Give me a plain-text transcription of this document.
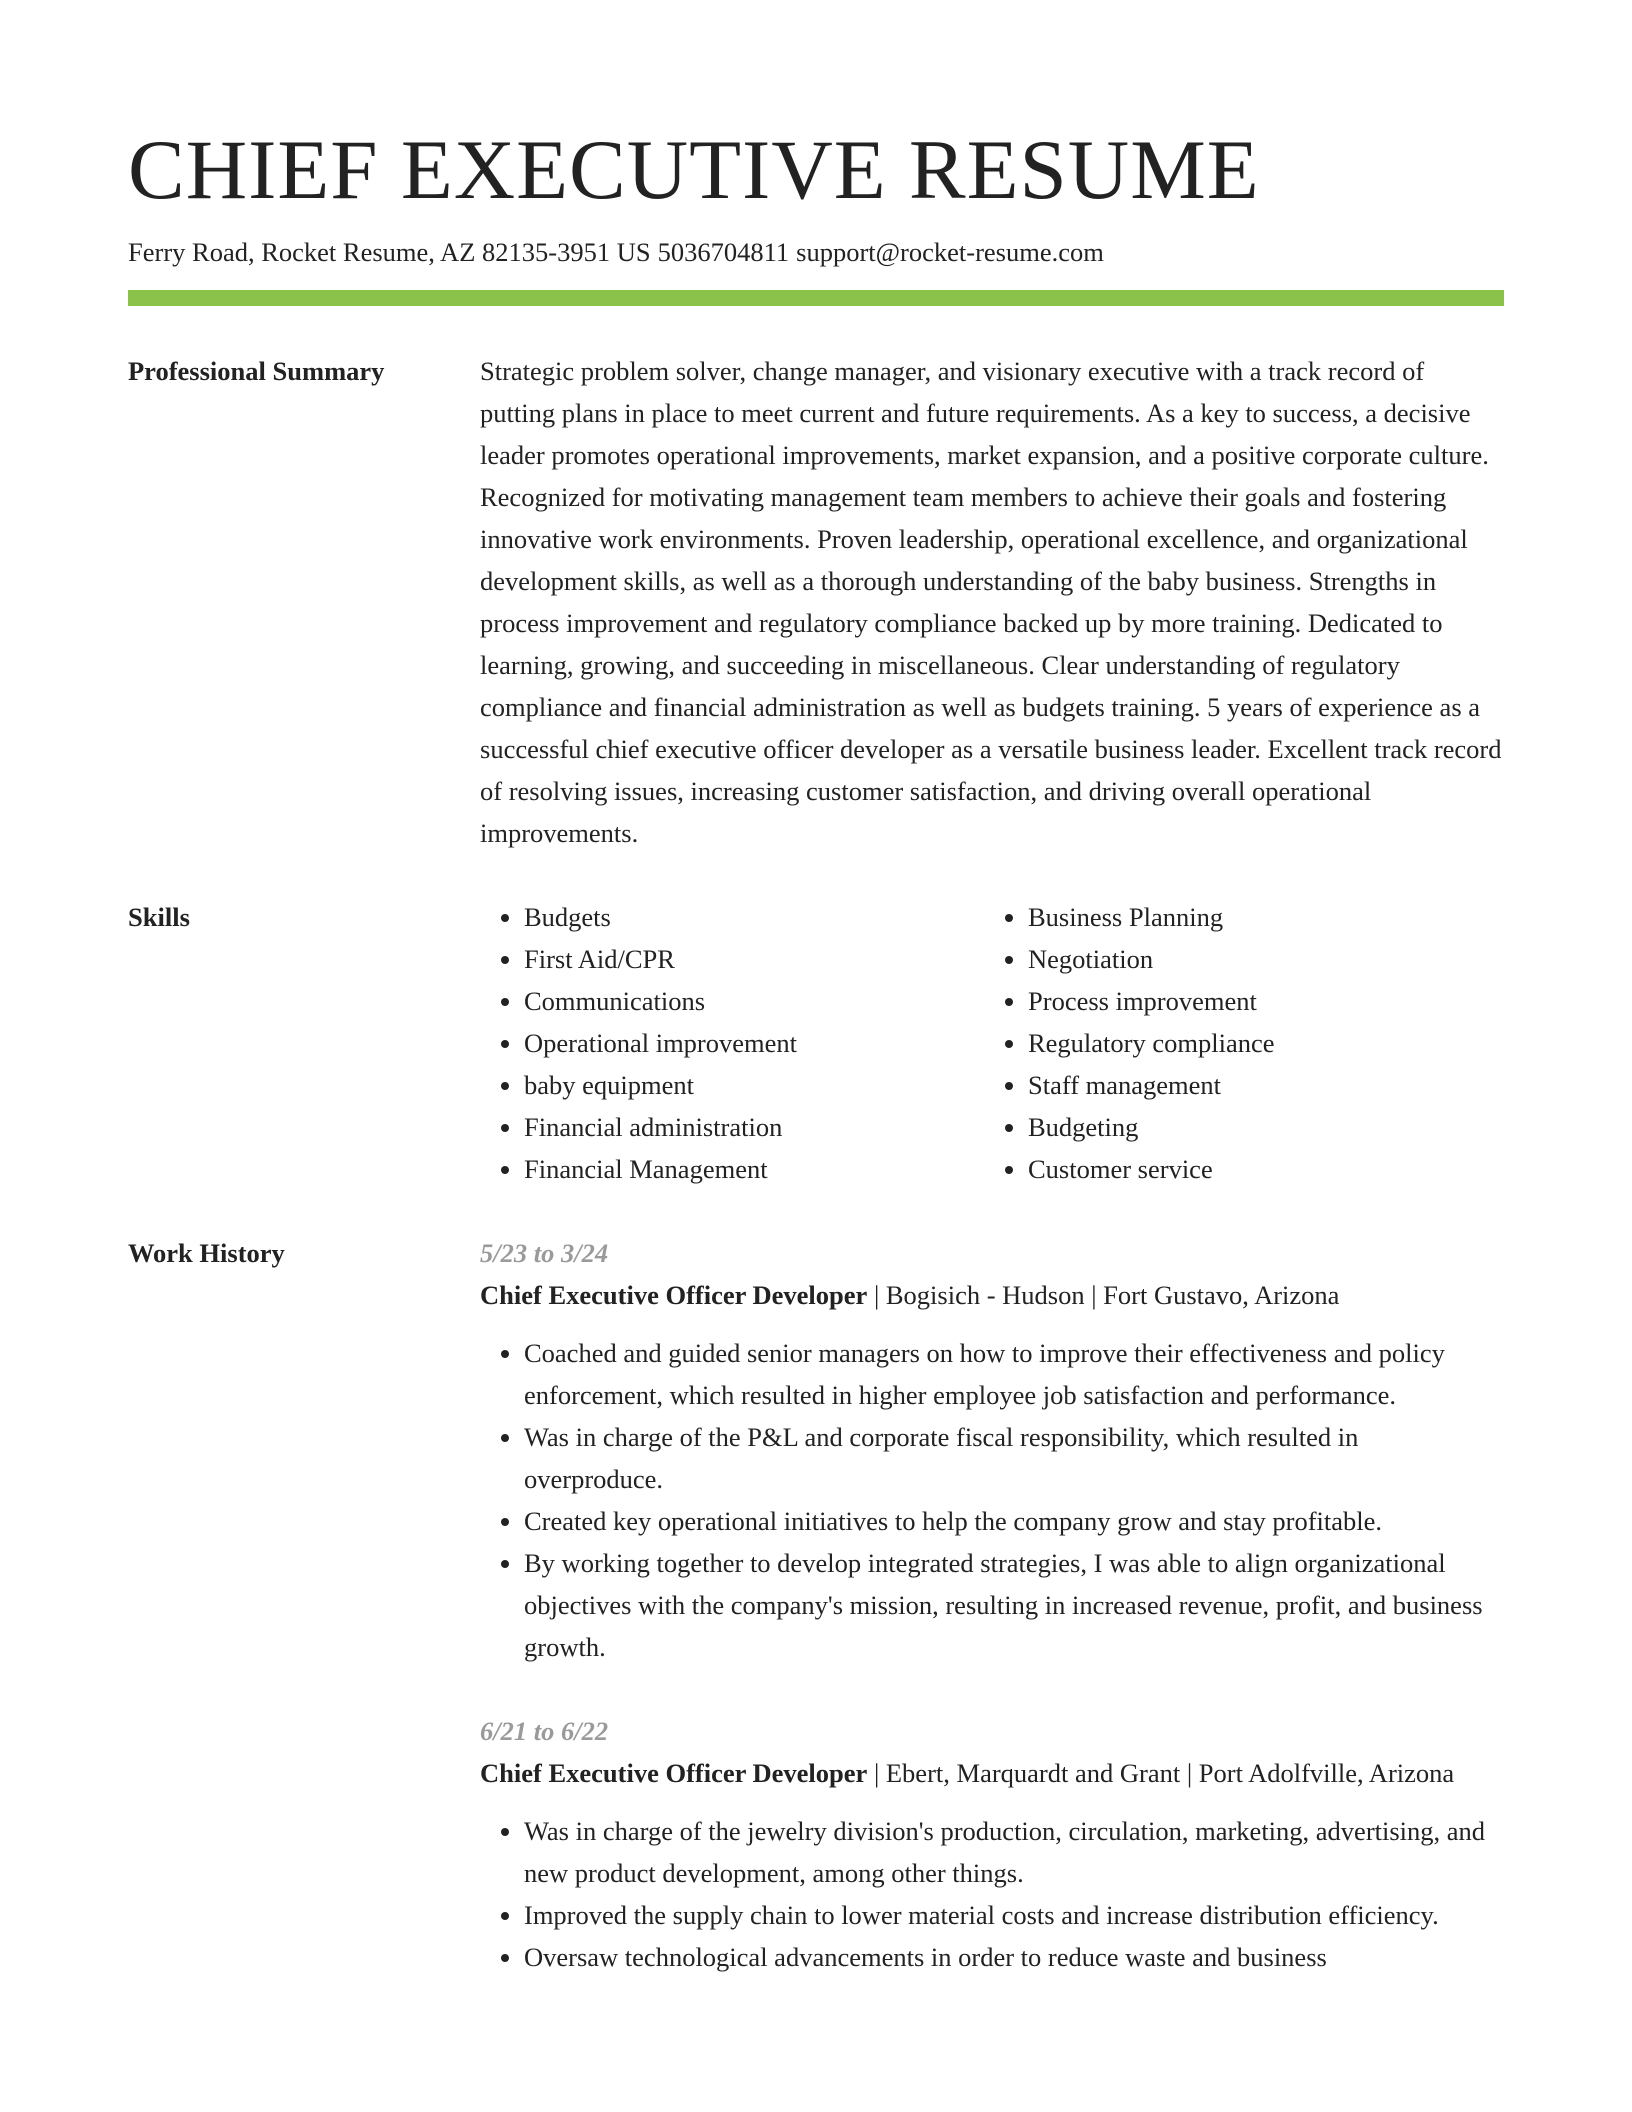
CHIEF EXECUTIVE RESUME
Ferry Road, Rocket Resume, AZ 82135-3951 US 5036704811 support@rocket-resume.com
Professional Summary	Strategic problem solver, change manager, and visionary executive with a track record of putting plans in place to meet current and future requirements. As a key to success, a decisive leader promotes operational improvements, market expansion, and a positive corporate culture. Recognized for motivating management team members to achieve their goals and fostering innovative work environments. Proven leadership, operational excellence, and organizational development skills, as well as a thorough understanding of the baby business. Strengths in process improvement and regulatory compliance backed up by more training. Dedicated to learning, growing, and succeeding in miscellaneous. Clear understanding of regulatory compliance and financial administration as well as budgets training. 5 years of experience as a successful chief executive officer developer as a versatile business leader. Excellent track record of resolving issues, increasing customer satisfaction, and driving overall operational improvements.

Skills
•	Budgets
• First Aid/CPR
• Communications
• Operational improvement
• baby equipment
• Financial administration
• Financial Management
• Business Planning
• Negotiation
• Process improvement
• Regulatory compliance
• Staff management
• Budgeting
• Customer service
Work History	5/23 to 3/24
Chief Executive Officer Developer | Bogisich - Hudson | Fort Gustavo, Arizona
• Coached and guided senior managers on how to improve their effectiveness and policy enforcement, which resulted in higher employee job satisfaction and performance.
• Was in charge of the P&L and corporate fiscal responsibility, which resulted in overproduce.
• Created key operational initiatives to help the company grow and stay profitable.
• By working together to develop integrated strategies, I was able to align organizational objectives with the company's mission, resulting in increased revenue, profit, and business growth.
6/21 to 6/22
Chief Executive Officer Developer | Ebert, Marquardt and Grant | Port Adolfville, Arizona
• Was in charge of the jewelry division's production, circulation, marketing, advertising, and new product development, among other things.
• Improved the supply chain to lower material costs and increase distribution efficiency.
• Oversaw technological advancements in order to reduce waste and business
